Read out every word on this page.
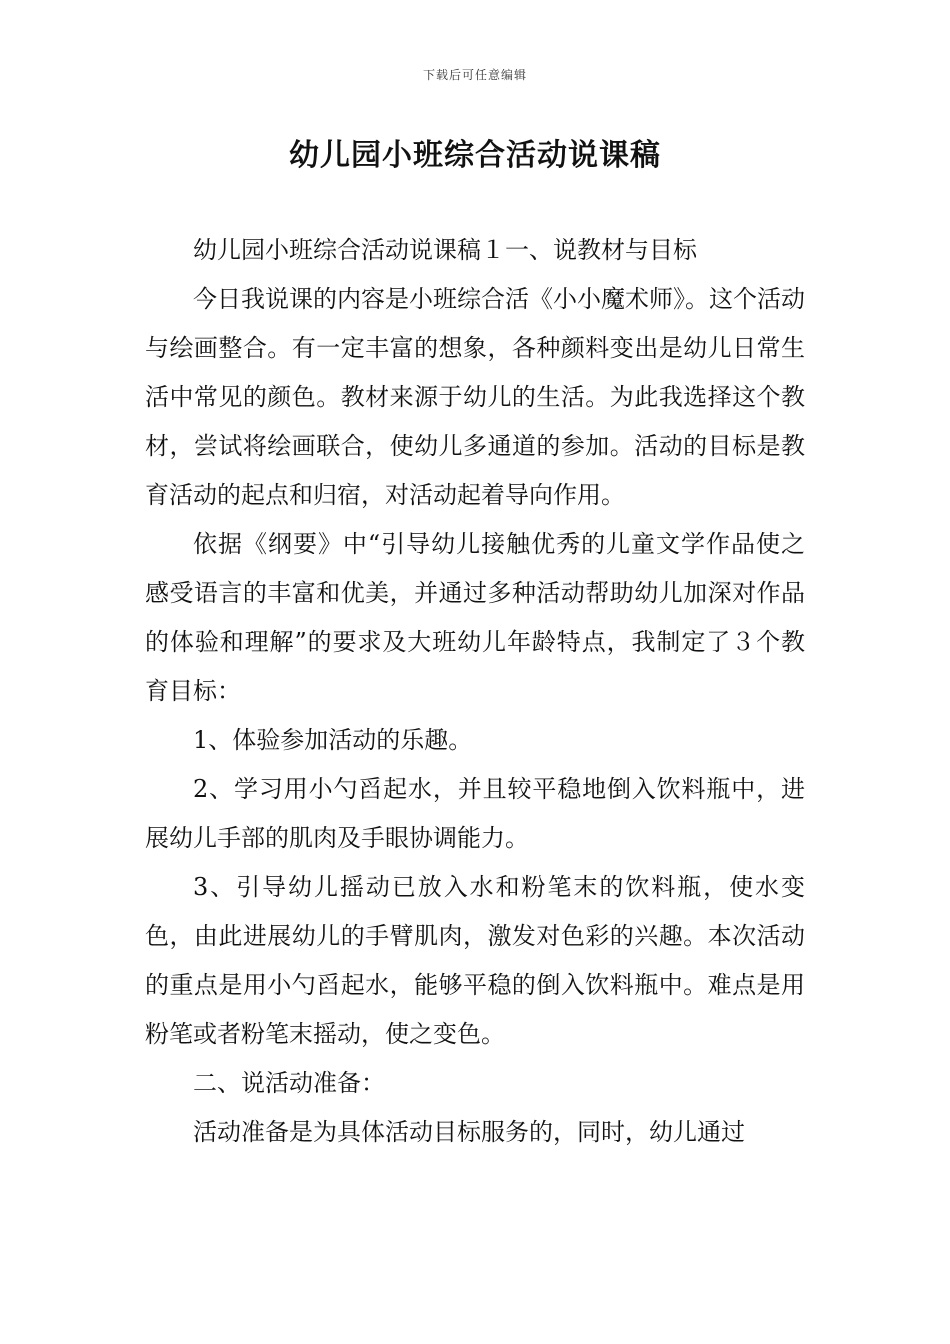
下载后可任意编辑
幼儿园小班综合活动说课稿

幼儿园小班综合活动说课稿１一、说教材与目标

今日我说课的内容是小班综合活《小小魔术师》。这个活动与绘画整合。有一定丰富的想象，各种颜料变出是幼儿日常生活中常见的颜色。教材来源于幼儿的生活。为此我选择这个教材，尝试将绘画联合，使幼儿多通道的参加。活动的目标是教育活动的起点和归宿，对活动起着导向作用。

依据《纲要》中“引导幼儿接触优秀的儿童文学作品使之感受语言的丰富和优美，并通过多种活动帮助幼儿加深对作品的体验和理解”的要求及大班幼儿年龄特点，我制定了３个教育目标：

1、体验参加活动的乐趣。

2、学习用小勺舀起水，并且较平稳地倒入饮料瓶中，进展幼儿手部的肌肉及手眼协调能力。

3、引导幼儿摇动已放入水和粉笔末的饮料瓶，使水变色，由此进展幼儿的手臂肌肉，激发对色彩的兴趣。本次活动的重点是用小勺舀起水，能够平稳的倒入饮料瓶中。难点是用粉笔或者粉笔末摇动，使之变色。

二、说活动准备：

活动准备是为具体活动目标服务的，同时，幼儿通过
